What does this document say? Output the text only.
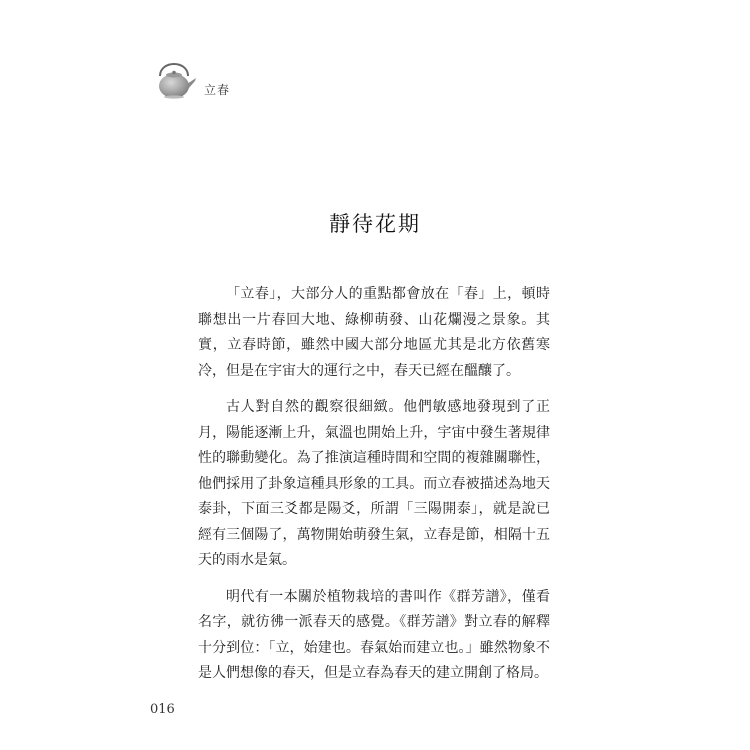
立春
靜待花期

「立春」，大部分人的重點都會放在「春」上，頓時聯想出一片春回大地、綠柳萌發、山花爛漫之景象。其實，立春時節，雖然中國大部分地區尤其是北方依舊寒冷，但是在宇宙大的運行之中，春天已經在醞釀了。

古人對自然的觀察很細緻。他們敏感地發現到了正月，陽能逐漸上升，氣溫也開始上升，宇宙中發生著規律性的聯動變化。為了推演這種時間和空間的複雜關聯性，他們採用了卦象這種具形象的工具。而立春被描述為地天泰卦，下面三爻都是陽爻，所謂「三陽開泰」，就是說已經有三個陽了，萬物開始萌發生氣，立春是節，相隔十五天的雨水是氣。

明代有一本關於植物栽培的書叫作《群芳譜》，僅看名字，就彷彿一派春天的感覺。《群芳譜》對立春的解釋十分到位：「立，始建也。春氣始而建立也。」雖然物象不是人們想像的春天，但是立春為春天的建立開創了格局。

016
